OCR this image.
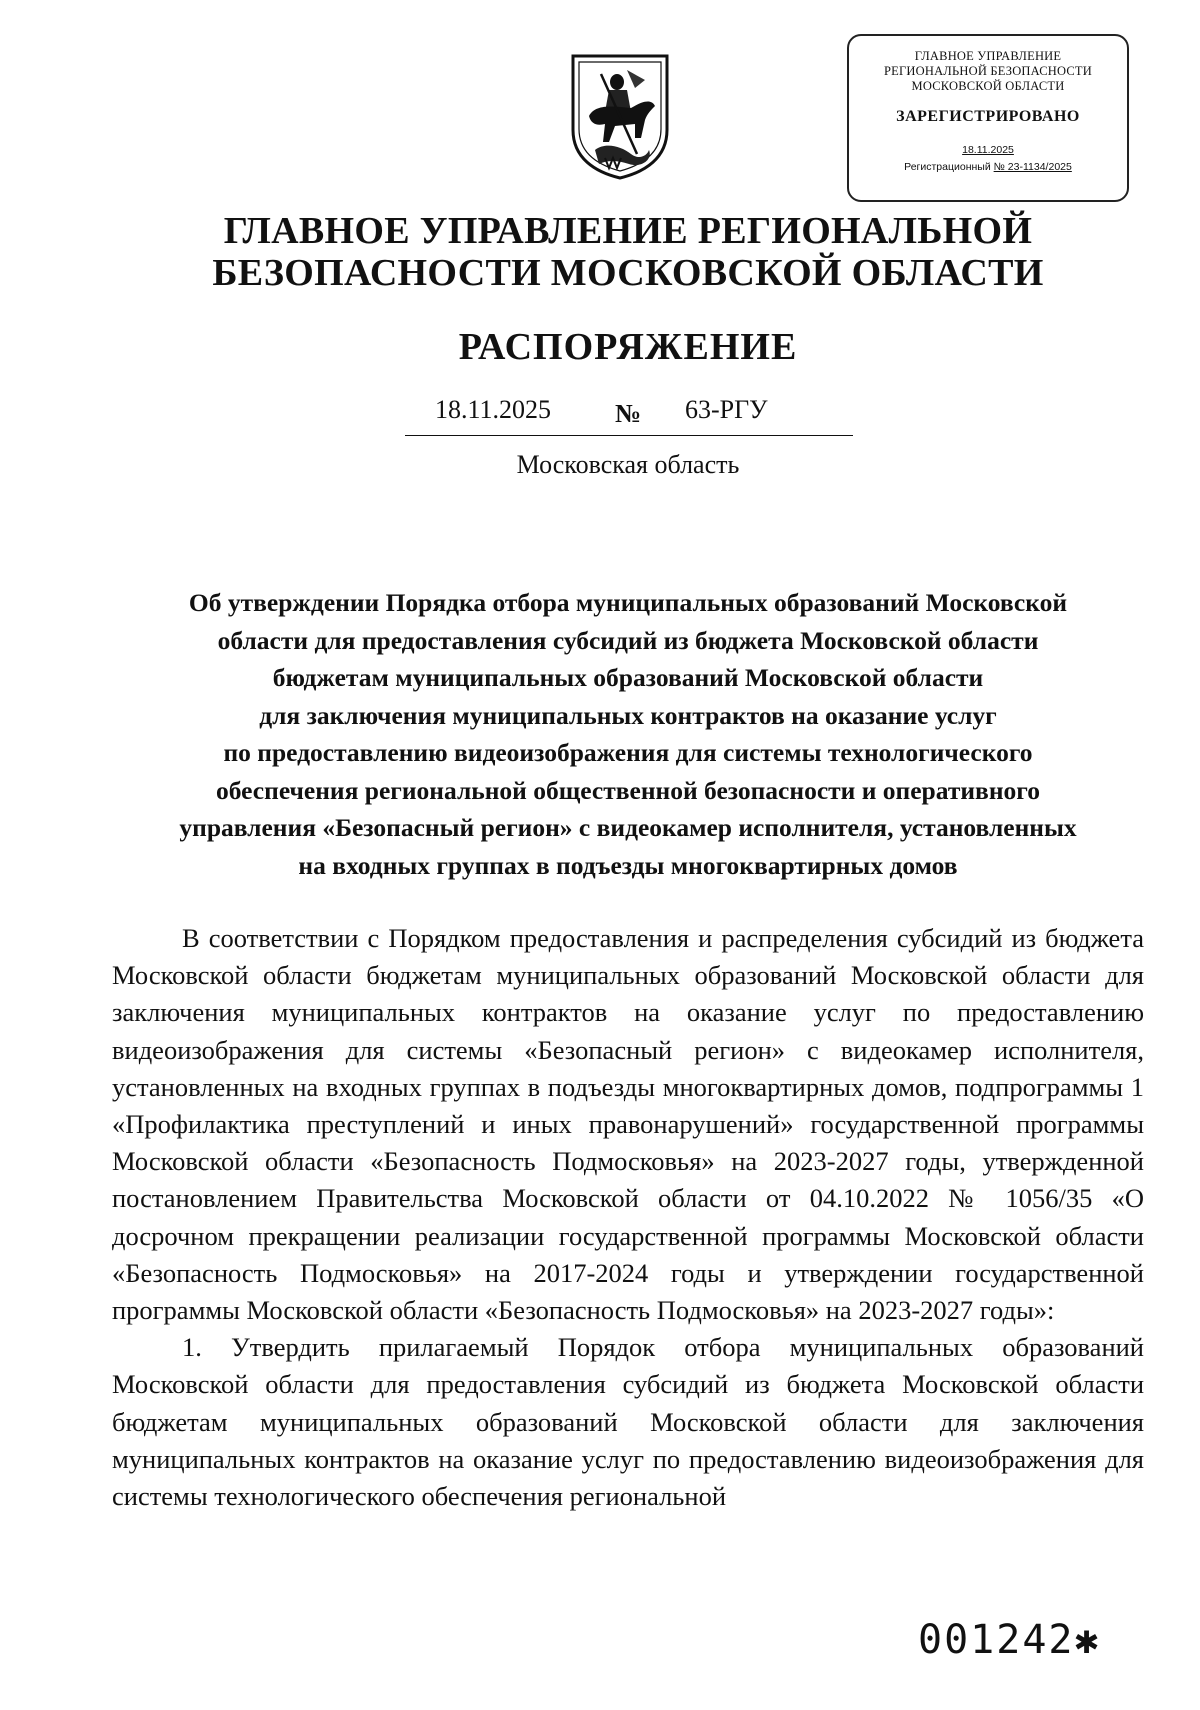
ГЛАВНОЕ УПРАВЛЕНИЕ
РЕГИОНАЛЬНОЙ БЕЗОПАСНОСТИ
МОСКОВСКОЙ ОБЛАСТИ
ЗАРЕГИСТРИРОВАНО
18.11.2025
Регистрационный № 23-1134/2025
ГЛАВНОЕ УПРАВЛЕНИЕ РЕГИОНАЛЬНОЙ
БЕЗОПАСНОСТИ МОСКОВСКОЙ ОБЛАСТИ
РАСПОРЯЖЕНИЕ
18.11.2025 № 63-РГУ
Московская область
Об утверждении Порядка отбора муниципальных образований Московской
области для предоставления субсидий из бюджета Московской области
бюджетам муниципальных образований Московской области
для заключения муниципальных контрактов на оказание услуг
по предоставлению видеоизображения для системы технологического
обеспечения региональной общественной безопасности и оперативного
управления «Безопасный регион» с видеокамер исполнителя, установленных
на входных группах в подъезды многоквартирных домов

В соответствии с Порядком предоставления и распределения субсидий из бюджета Московской области бюджетам муниципальных образований Московской области для заключения муниципальных контрактов на оказание услуг по предоставлению видеоизображения для системы «Безопасный регион» с видеокамер исполнителя, установленных на входных группах в подъезды многоквартирных домов, подпрограммы 1 «Профилактика преступлений и иных правонарушений» государственной программы Московской области «Безопасность Подмосковья» на 2023-2027 годы, утвержденной постановлением Правительства Московской области от 04.10.2022 № 1056/35 «О досрочном прекращении реализации государственной программы Московской области «Безопасность Подмосковья» на 2017-2024 годы и утверждении государственной программы Московской области «Безопасность Подмосковья» на 2023-2027 годы»:

1. Утвердить прилагаемый Порядок отбора муниципальных образований Московской области для предоставления субсидий из бюджета Московской области бюджетам муниципальных образований Московской области для заключения муниципальных контрактов на оказание услуг по предоставлению видеоизображения для системы технологического обеспечения региональной

001242✱
